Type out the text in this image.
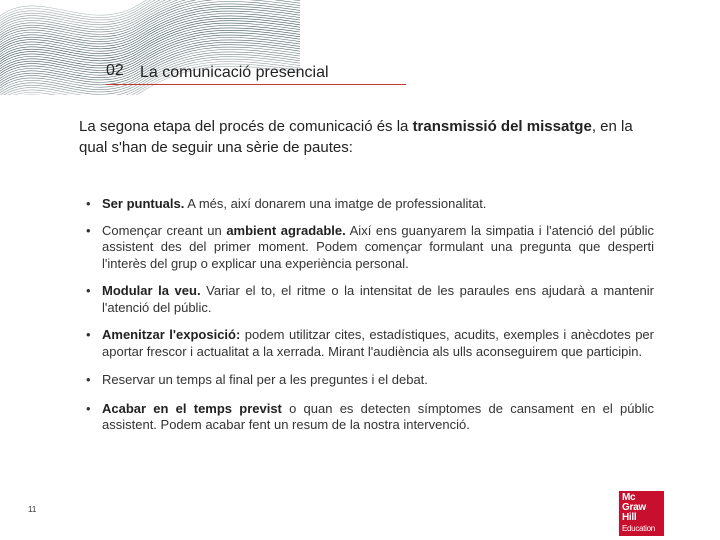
02 La comunicació presencial

La segona etapa del procés de comunicació és la transmissió del missatge, en la qual s'han de seguir una sèrie de pautes:

• Ser puntuals. A més, així donarem una imatge de professionalitat.
• Començar creant un ambient agradable. Així ens guanyarem la simpatia i l'atenció del públic assistent des del primer moment. Podem començar formulant una pregunta que desperti l'interès del grup o explicar una experiència personal.
• Modular la veu. Variar el to, el ritme o la intensitat de les paraules ens ajudarà a mantenir l'atenció del públic.
• Amenitzar l'exposició: podem utilitzar cites, estadístiques, acudits, exemples i anècdotes per aportar frescor i actualitat a la xerrada. Mirant l'audiència als ulls aconseguirem que participin.
• Reservar un temps al final per a les preguntes i el debat.
• Acabar en el temps previst o quan es detecten símptomes de cansament en el públic assistent. Podem acabar fent un resum de la nostra intervenció.
11
Mc
Graw
Hill
Education
